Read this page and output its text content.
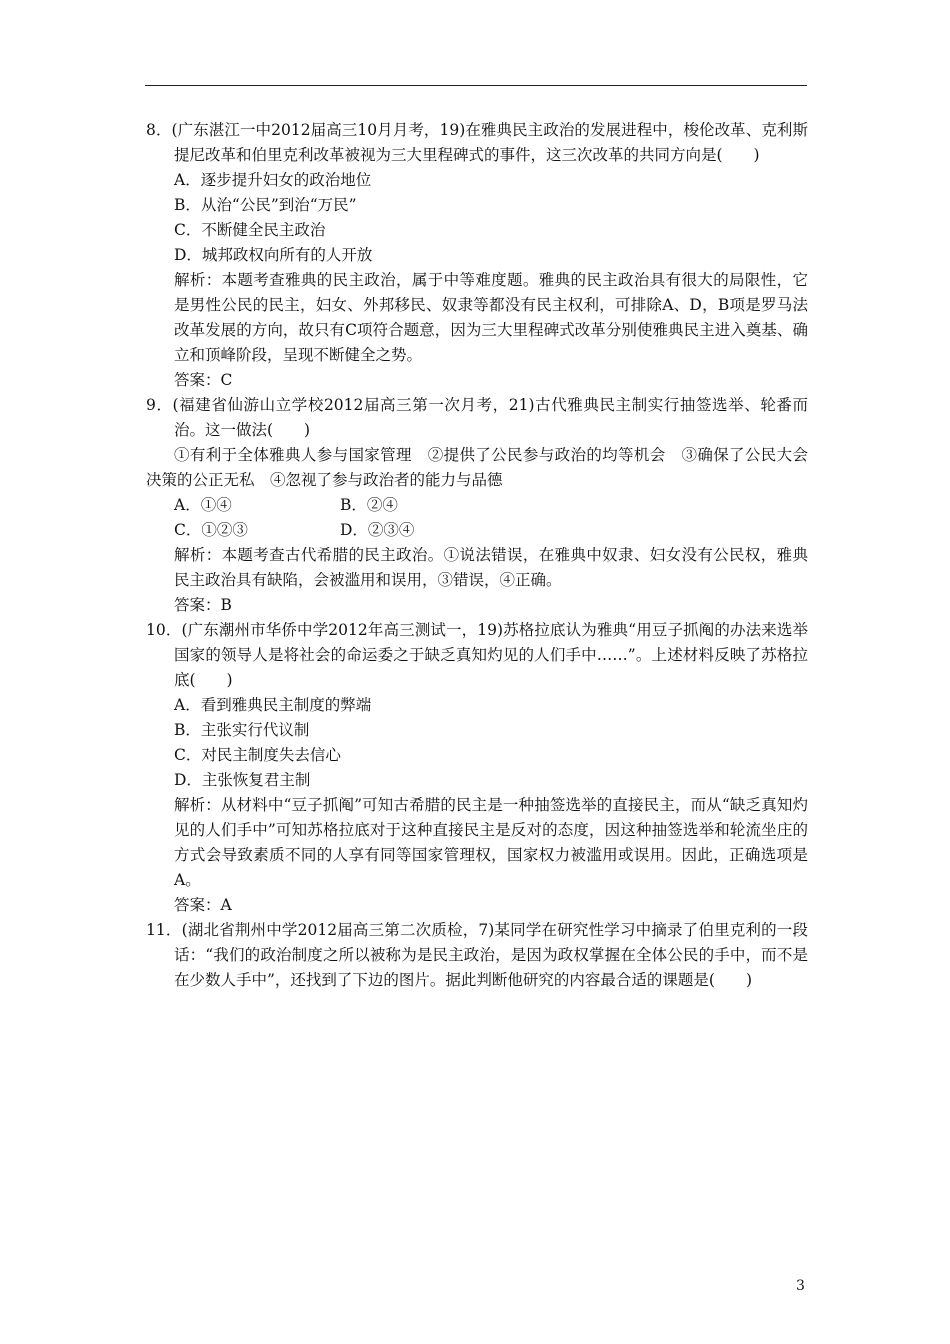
8．(广东湛江一中2012届高三10月月考，19)在雅典民主政治的发展进程中，梭伦改革、克利斯提尼改革和伯里克利改革被视为三大里程碑式的事件，这三次改革的共同方向是(　　)
A．逐步提升妇女的政治地位
B．从治“公民”到治“万民”
C．不断健全民主政治
D．城邦政权向所有的人开放
解析：本题考查雅典的民主政治，属于中等难度题。雅典的民主政治具有很大的局限性，它是男性公民的民主，妇女、外邦移民、奴隶等都没有民主权利，可排除A、D，B项是罗马法改革发展的方向，故只有C项符合题意，因为三大里程碑式改革分别使雅典民主进入奠基、确立和顶峰阶段，呈现不断健全之势。
答案：C
9．(福建省仙游山立学校2012届高三第一次月考，21)古代雅典民主制实行抽签选举、轮番而治。这一做法(　　)
①有利于全体雅典人参与国家管理　②提供了公民参与政治的均等机会　③确保了公民大会决策的公正无私　④忽视了参与政治者的能力与品德
A．①④	B．②④
C．①②③	D．②③④
解析：本题考查古代希腊的民主政治。①说法错误，在雅典中奴隶、妇女没有公民权，雅典民主政治具有缺陷，会被滥用和误用，③错误，④正确。
答案：B
10．(广东潮州市华侨中学2012年高三测试一，19)苏格拉底认为雅典“用豆子抓阄的办法来选举国家的领导人是将社会的命运委之于缺乏真知灼见的人们手中……”。上述材料反映了苏格拉底(　　)
A．看到雅典民主制度的弊端
B．主张实行代议制
C．对民主制度失去信心
D．主张恢复君主制
解析：从材料中“豆子抓阄”可知古希腊的民主是一种抽签选举的直接民主，而从“缺乏真知灼见的人们手中”可知苏格拉底对于这种直接民主是反对的态度，因这种抽签选举和轮流坐庄的方式会导致素质不同的人享有同等国家管理权，国家权力被滥用或误用。因此，正确选项是A。
答案：A
11．(湖北省荆州中学2012届高三第二次质检，7)某同学在研究性学习中摘录了伯里克利的一段话：“我们的政治制度之所以被称为是民主政治，是因为政权掌握在全体公民的手中，而不是在少数人手中”，还找到了下边的图片。据此判断他研究的内容最合适的课题是(　　)
3
